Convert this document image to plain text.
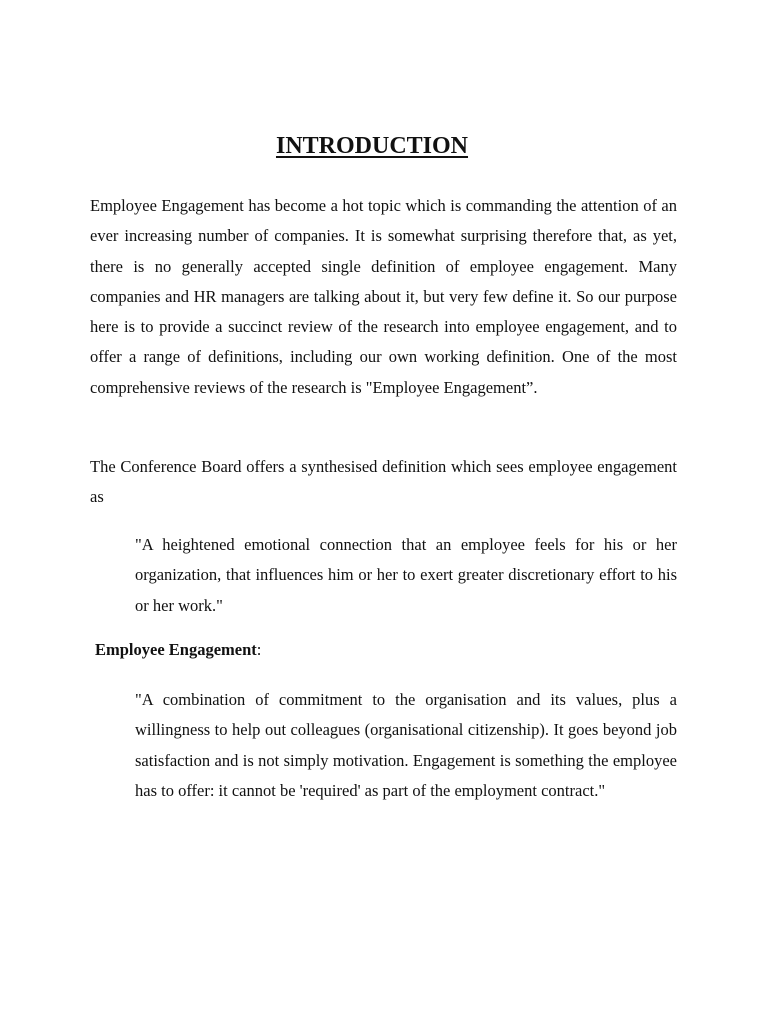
INTRODUCTION

Employee Engagement has become a hot topic which is commanding the attention of an ever increasing number of companies. It is somewhat surprising therefore that, as yet, there is no generally accepted single definition of employee engagement. Many companies and HR managers are talking about it, but very few define it. So our purpose here is to provide a succinct review of the research into employee engagement, and to offer a range of definitions, including our own working definition. One of the most comprehensive reviews of the research is "Employee Engagement”.

The Conference Board offers a synthesised definition which sees employee engagement as

"A heightened emotional connection that an employee feels for his or her organization, that influences him or her to exert greater discretionary effort to his or her work."

Employee Engagement:

"A combination of commitment to the organisation and its values, plus a willingness to help out colleagues (organisational citizenship). It goes beyond job satisfaction and is not simply motivation. Engagement is something the employee has to offer: it cannot be 'required' as part of the employment contract."
